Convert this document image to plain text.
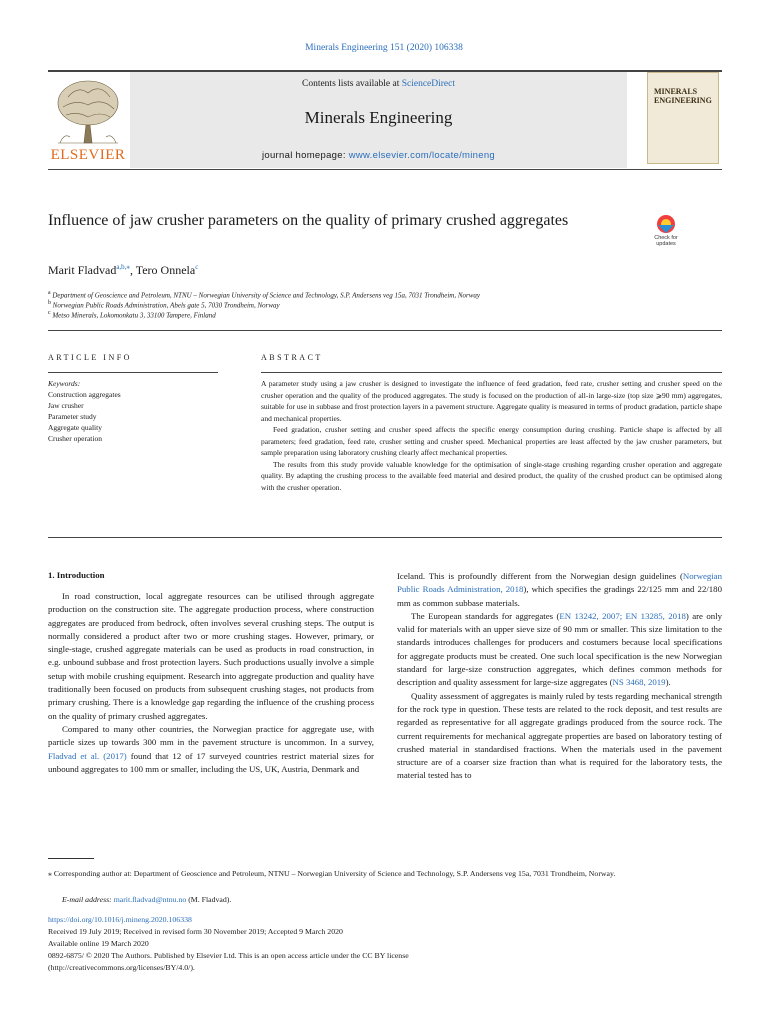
Minerals Engineering 151 (2020) 106338
ELSEVIER
Contents lists available at ScienceDirect
Minerals Engineering
journal homepage: www.elsevier.com/locate/mineng
MINERALS
ENGINEERING
Influence of jaw crusher parameters on the quality of primary crushed aggregates
Check for updates
Marit Fladvad$^{a,b,⁎}$, Tero Onnela$^c$
$^a$ Department of Geoscience and Petroleum, NTNU – Norwegian University of Science and Technology, S.P. Andersens veg 15a, 7031 Trondheim, Norway
$^b$ Norwegian Public Roads Administration, Abels gate 5, 7030 Trondheim, Norway
$^c$ Metso Minerals, Lokomonkatu 3, 33100 Tampere, Finland
ARTICLE INFO
Keywords:
Construction aggregates
Jaw crusher
Parameter study
Aggregate quality
Crusher operation
ABSTRACT

A parameter study using a jaw crusher is designed to investigate the influence of feed gradation, feed rate, crusher setting and crusher speed on the crusher operation and the quality of the produced aggregates. The study is focused on the production of all-in large-size (top size ⩾90 mm) aggregates, suitable for use in subbase and frost protection layers in a pavement structure. Aggregate quality is measured in terms of product gradation, particle shape and mechanical properties.

Feed gradation, crusher setting and crusher speed affects the specific energy consumption during crushing. Particle shape is affected by all parameters; feed gradation, feed rate, crusher setting and crusher speed. Mechanical properties are least affected by the jaw crusher parameters, but sample preparation using laboratory crushing clearly affect mechanical properties.

The results from this study provide valuable knowledge for the optimisation of single-stage crushing regarding crusher operation and aggregate quality. By adapting the crushing process to the available feed material and desired product, the quality of the crushed product can be optimised along with the crusher operation.

1. Introduction

In road construction, local aggregate resources can be utilised through aggregate production on the construction site. The aggregate production process, where construction aggregates are produced from bedrock, often involves several crushing steps. The output is normally considered a product after two or more crushing stages. However, primary, or single-stage, crushed aggregate materials can be used as products in road construction, in e.g. unbound subbase and frost protection layers. Such productions usually involve a simple setup with mobile crushing equipment. Research into aggregate production and quality have traditionally been focused on products from subsequent crushing stages, not products from primary crushing. There is a knowledge gap regarding the influence of the crushing process on the quality of primary crushed aggregates.

Compared to many other countries, the Norwegian practice for aggregate use, with particle sizes up towards 300 mm in the pavement structure is uncommon. In a survey, Fladvad et al. (2017) found that 12 of 17 surveyed countries restrict material sizes for unbound aggregates to 100 mm or smaller, including the US, UK, Austria, Denmark and

Iceland. This is profoundly different from the Norwegian design guidelines (Norwegian Public Roads Administration, 2018), which specifies the gradings 22/125 mm and 22/180 mm as common subbase materials.

The European standards for aggregates (EN 13242, 2007; EN 13285, 2018) are only valid for materials with an upper sieve size of 90 mm or smaller. This size limitation to the standards introduces challenges for producers and costumers because local specifications for aggregate products must be created. One such local specification is the new Norwegian standard for large-size construction aggregates, which defines common methods for description and quality assessment for large-size aggregates (NS 3468, 2019).

Quality assessment of aggregates is mainly ruled by tests regarding mechanical strength for the rock type in question. These tests are related to the rock deposit, and test results are regarded as representative for all aggregate gradings produced from the source rock. The current requirements for mechanical aggregate properties are based on laboratory testing of crushed material in standardised fractions. When the materials used in the pavement structure are of a coarser size fraction than what is required for the laboratory tests, the material tested has to

⁎ Corresponding author at: Department of Geoscience and Petroleum, NTNU – Norwegian University of Science and Technology, S.P. Andersens veg 15a, 7031 Trondheim, Norway.
E-mail address: marit.fladvad@ntnu.no (M. Fladvad).
https://doi.org/10.1016/j.mineng.2020.106338
Received 19 July 2019; Received in revised form 30 November 2019; Accepted 9 March 2020
Available online 19 March 2020
0892-6875/ © 2020 The Authors. Published by Elsevier Ltd. This is an open access article under the CC BY license
(http://creativecommons.org/licenses/BY/4.0/).
